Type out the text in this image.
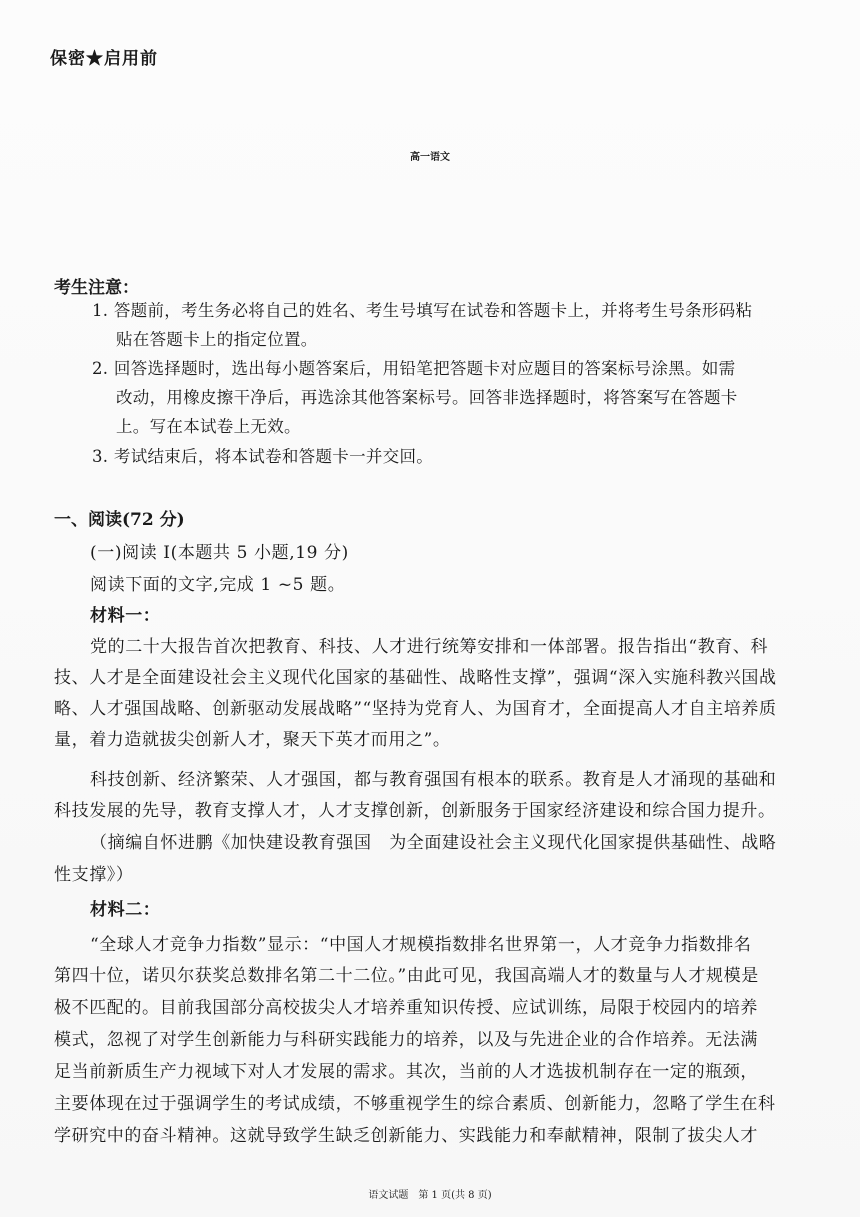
保密★启用前
高一语文
考生注意：
1. 答题前，考生务必将自己的姓名、考生号填写在试卷和答题卡上，并将考生号条形码粘
贴在答题卡上的指定位置。
2. 回答选择题时，选出每小题答案后，用铅笔把答题卡对应题目的答案标号涂黑。如需
改动，用橡皮擦干净后，再选涂其他答案标号。回答非选择题时，将答案写在答题卡
上。写在本试卷上无效。
3. 考试结束后，将本试卷和答题卡一并交回。
一、阅读(72 分)
(一)阅读 I(本题共 5 小题,19 分)
阅读下面的文字,完成 1 ~5 题。
材料一：
党的二十大报告首次把教育、科技、人才进行统筹安排和一体部署。报告指出“教育、科
技、人才是全面建设社会主义现代化国家的基础性、战略性支撑”，强调“深入实施科教兴国战
略、人才强国战略、创新驱动发展战略”“坚持为党育人、为国育才，全面提高人才自主培养质
量，着力造就拔尖创新人才，聚天下英才而用之”。
科技创新、经济繁荣、人才强国，都与教育强国有根本的联系。教育是人才涌现的基础和
科技发展的先导，教育支撑人才，人才支撑创新，创新服务于国家经济建设和综合国力提升。
（摘编自怀进鹏《加快建设教育强国　为全面建设社会主义现代化国家提供基础性、战略
性支撑》）
材料二：
“全球人才竞争力指数”显示：“中国人才规模指数排名世界第一，人才竞争力指数排名
第四十位，诺贝尔获奖总数排名第二十二位。”由此可见，我国高端人才的数量与人才规模是
极不匹配的。目前我国部分高校拔尖人才培养重知识传授、应试训练，局限于校园内的培养
模式，忽视了对学生创新能力与科研实践能力的培养，以及与先进企业的合作培养。无法满
足当前新质生产力视域下对人才发展的需求。其次，当前的人才选拔机制存在一定的瓶颈，
主要体现在过于强调学生的考试成绩，不够重视学生的综合素质、创新能力，忽略了学生在科
学研究中的奋斗精神。这就导致学生缺乏创新能力、实践能力和奉献精神，限制了拔尖人才
语文试题　第 1 页(共 8 页)
